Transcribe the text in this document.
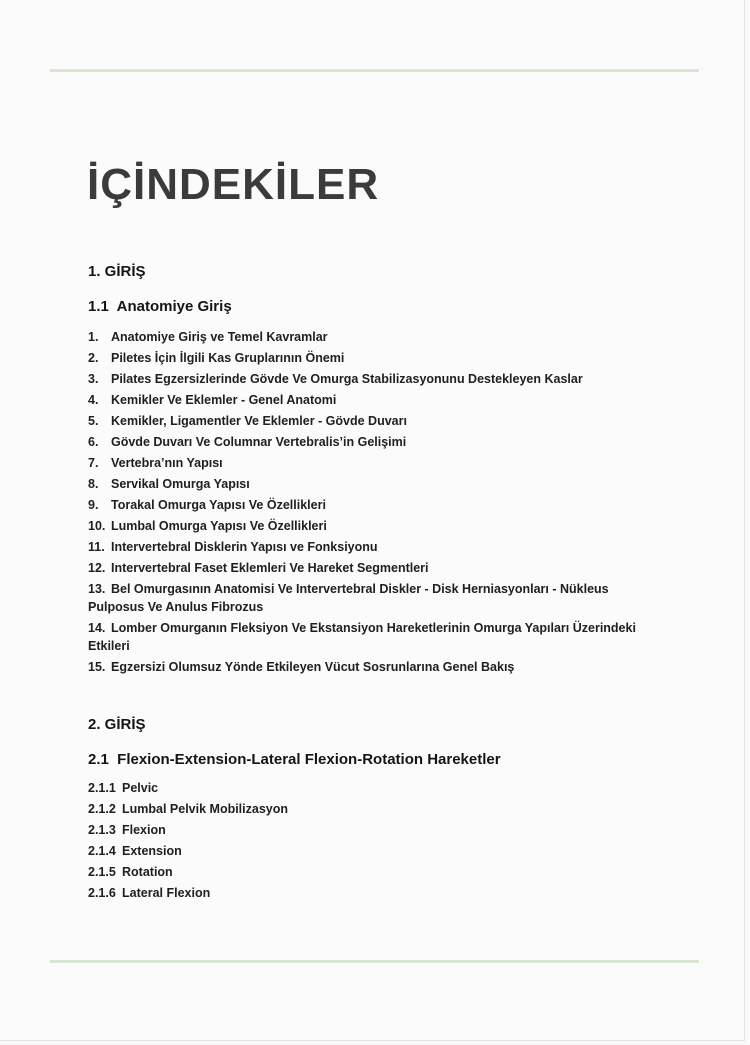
İÇİNDEKİLER
1. GİRİŞ
1.1 Anatomiye Giriş
1. Anatomiye Giriş ve Temel Kavramlar
2. Piletes İçin İlgili Kas Gruplarının Önemi
3. Pilates Egzersizlerinde Gövde Ve Omurga Stabilizasyonunu Destekleyen Kaslar
4. Kemikler Ve Eklemler - Genel Anatomi
5. Kemikler, Ligamentler Ve Eklemler - Gövde Duvarı
6. Gövde Duvarı Ve Columnar Vertebralis’in Gelişimi
7. Vertebra’nın Yapısı
8. Servikal Omurga Yapısı
9. Torakal Omurga Yapısı Ve Özellikleri
10. Lumbal Omurga Yapısı Ve Özellikleri
11. Intervertebral Disklerin Yapısı ve Fonksiyonu
12. Intervertebral Faset Eklemleri Ve Hareket Segmentleri
13. Bel Omurgasının Anatomisi Ve Intervertebral Diskler - Disk Herniasyonları - Nükleus Pulposus Ve Anulus Fibrozus
14. Lomber Omurganın Fleksiyon Ve Ekstansiyon Hareketlerinin Omurga Yapıları Üzerindeki Etkileri
15. Egzersizi Olumsuz Yönde Etkileyen Vücut Sosrunlarına Genel Bakış
2. GİRİŞ
2.1 Flexion-Extension-Lateral Flexion-Rotation Hareketler
2.1.1 Pelvic
2.1.2 Lumbal Pelvik Mobilizasyon
2.1.3 Flexion
2.1.4 Extension
2.1.5 Rotation
2.1.6 Lateral Flexion
